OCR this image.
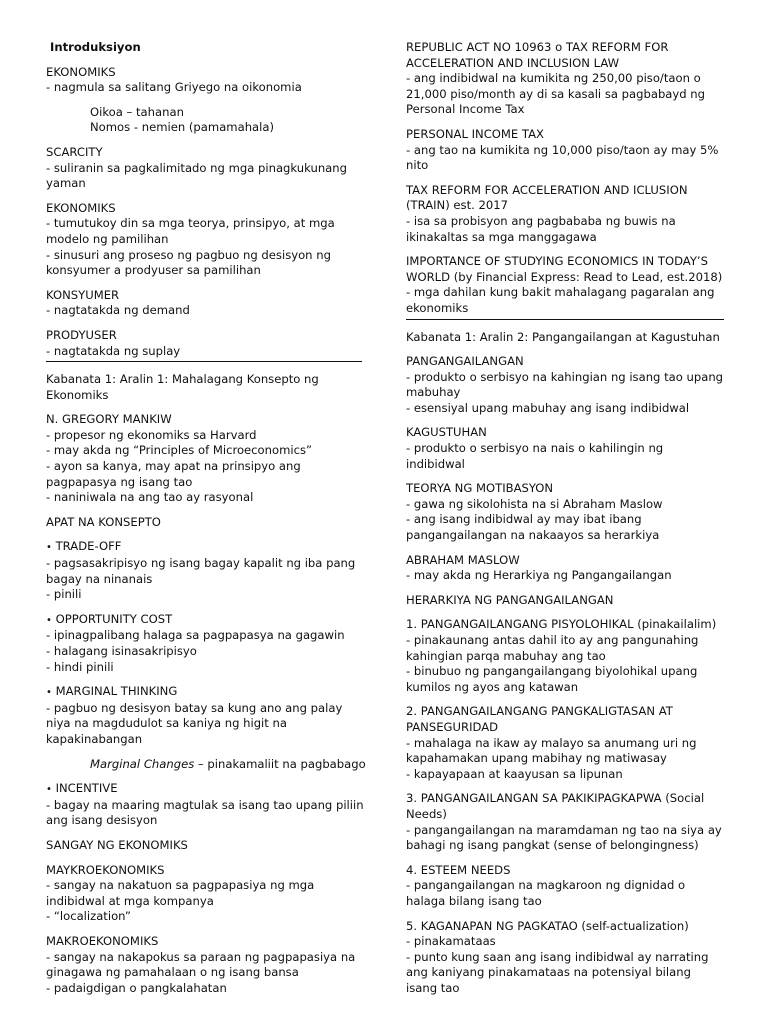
Introduksiyon
EKONOMIKS
- nagmula sa salitang Griyego na oikonomia
Oikoa – tahanan
Nomos - nemien (pamamahala)
SCARCITY
- suliranin sa pagkalimitado ng mga pinagkukunang yaman
EKONOMIKS
- tumutukoy din sa mga teorya, prinsipyo, at mga modelo ng pamilihan
- sinusuri ang proseso ng pagbuo ng desisyon ng konsyumer a prodyuser sa pamilihan
KONSYUMER
- nagtatakda ng demand
PRODYUSER
- nagtatakda ng suplay
Kabanata 1: Aralin 1: Mahalagang Konsepto ng Ekonomiks
N. GREGORY MANKIW
- propesor ng ekonomiks sa Harvard
- may akda ng “Principles of Microeconomics”
- ayon sa kanya, may apat na prinsipyo ang pagpapasya ng isang tao
- naniniwala na ang tao ay rasyonal
APAT NA KONSEPTO
• TRADE-OFF
- pagsasakripisyo ng isang bagay kapalit ng iba pang bagay na ninanais
- pinili
• OPPORTUNITY COST
- ipinagpalibang halaga sa pagpapasya na gagawin
- halagang isinasakripisyo
- hindi pinili
• MARGINAL THINKING
- pagbuo ng desisyon batay sa kung ano ang palay niya na magdudulot sa kaniya ng higit na kapakinabangan
Marginal Changes – pinakamaliit na pagbabago
• INCENTIVE
- bagay na maaring magtulak sa isang tao upang piliin ang isang desisyon
SANGAY NG EKONOMIKS
MAYKROEKONOMIKS
- sangay na nakatuon sa pagpapasiya ng mga indibidwal at mga kompanya
- “localization”
MAKROEKONOMIKS
- sangay na nakapokus sa paraan ng pagpapasiya na ginagawa ng pamahalaan o ng isang bansa
- padaigdigan o pangkalahatan
REPUBLIC ACT NO 10963 o TAX REFORM FOR ACCELERATION AND INCLUSION LAW
- ang indibidwal na kumikita ng 250,00 piso/taon o 21,000 piso/month ay di sa kasali sa pagbabayd ng Personal Income Tax
PERSONAL INCOME TAX
- ang tao na kumikita ng 10,000 piso/taon ay may 5% nito
TAX REFORM FOR ACCELERATION AND ICLUSION (TRAIN) est. 2017
- isa sa probisyon ang pagbababa ng buwis na ikinakaltas sa mga manggagawa
IMPORTANCE OF STUDYING ECONOMICS IN TODAY’S WORLD (by Financial Express: Read to Lead, est.2018)
- mga dahilan kung bakit mahalagang pagaralan ang ekonomiks
Kabanata 1: Aralin 2: Pangangailangan at Kagustuhan
PANGANGAILANGAN
- produkto o serbisyo na kahingian ng isang tao upang mabuhay
- esensiyal upang mabuhay ang isang indibidwal
KAGUSTUHAN
- produkto o serbisyo na nais o kahilingin ng indibidwal
TEORYA NG MOTIBASYON
- gawa ng sikolohista na si Abraham Maslow
- ang isang indibidwal ay may ibat ibang pangangailangan na nakaayos sa herarkiya
ABRAHAM MASLOW
- may akda ng Herarkiya ng Pangangailangan
HERARKIYA NG PANGANGAILANGAN
1. PANGANGAILANGANG PISYOLOHIKAL (pinakailalim)
- pinakaunang antas dahil ito ay ang pangunahing kahingian parqa mabuhay ang tao
- binubuo ng pangangailangang biyolohikal upang kumilos ng ayos ang katawan
2. PANGANGAILANGANG PANGKALIGTASAN AT PANSEGURIDAD
- mahalaga na ikaw ay malayo sa anumang uri ng kapahamakan upang mabihay ng matiwasay
- kapayapaan at kaayusan sa lipunan
3. PANGANGAILANGAN SA PAKIKIPAGKAPWA (Social Needs)
- pangangailangan na maramdaman ng tao na siya ay bahagi ng isang pangkat (sense of belongingness)
4. ESTEEM NEEDS
- pangangailangan na magkaroon ng dignidad o halaga bilang isang tao
5. KAGANAPAN NG PAGKATAO (self-actualization)
- pinakamataas
- punto kung saan ang isang indibidwal ay narrating ang kaniyang pinakamataas na potensiyal bilang isang tao
